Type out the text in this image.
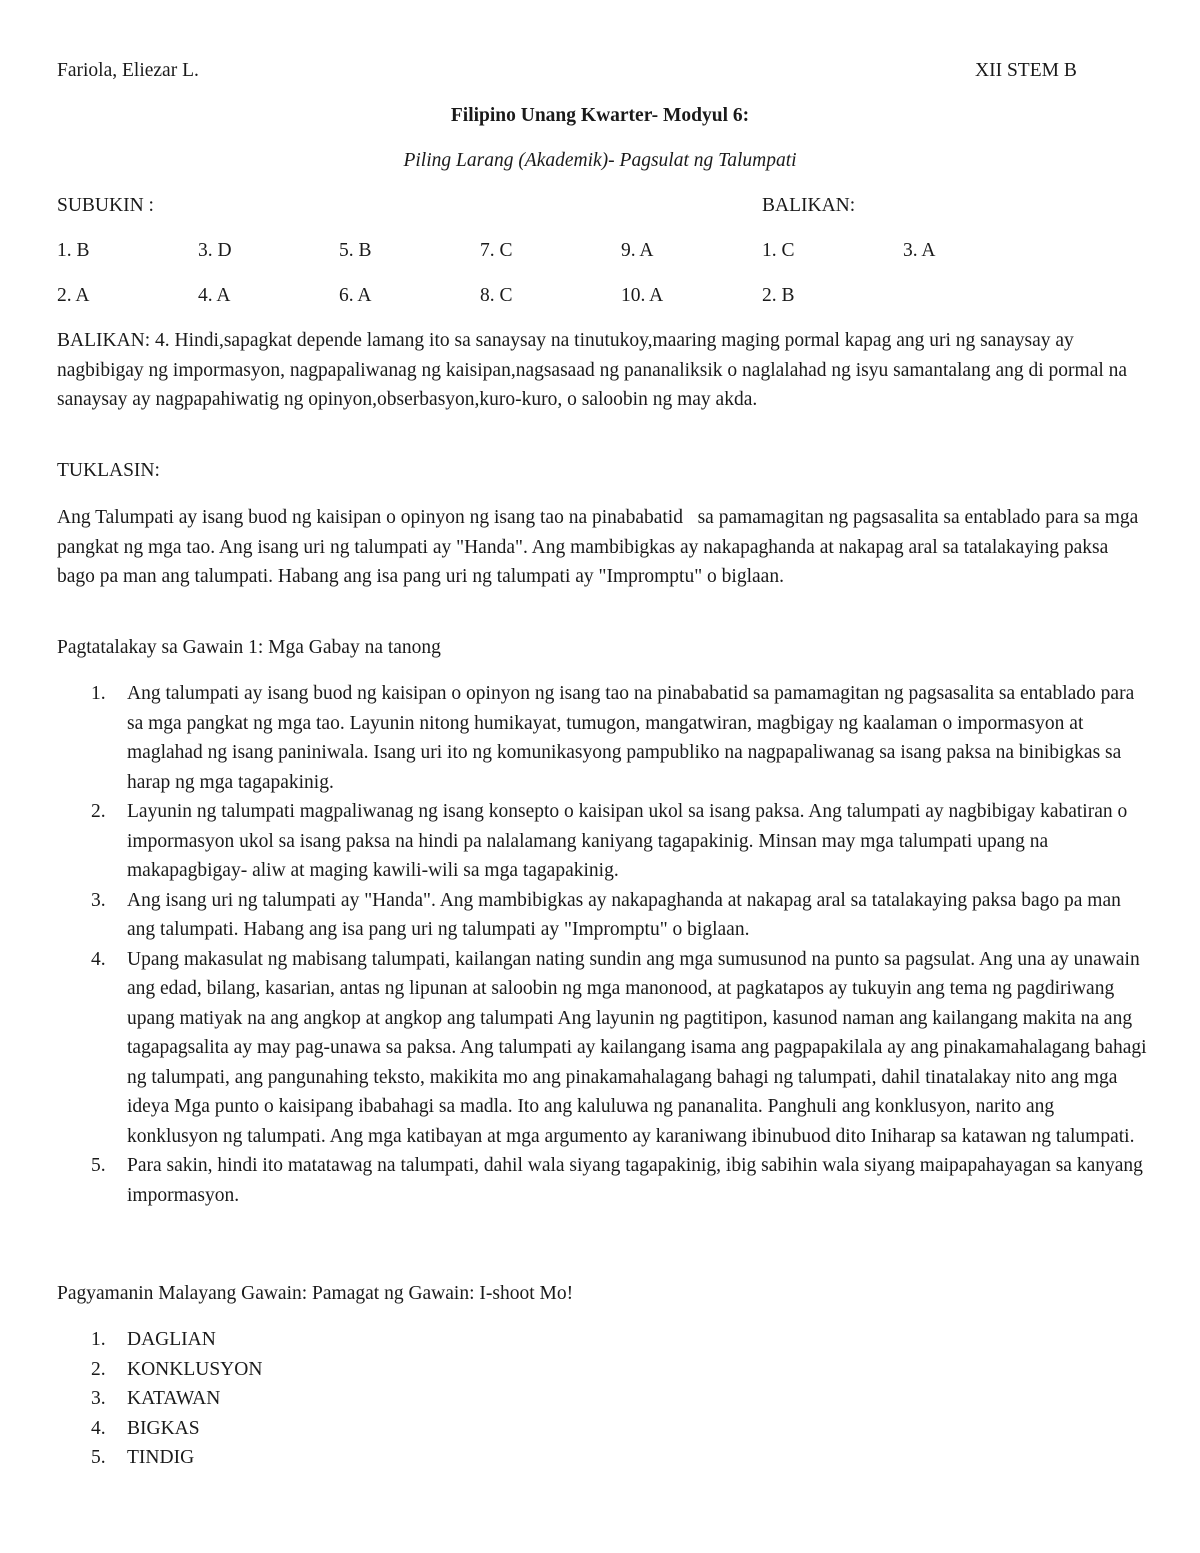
Fariola, Eliezar L.	XII STEM B
Filipino Unang Kwarter- Modyul 6:
Piling Larang (Akademik)- Pagsulat ng Talumpati
SUBUKIN :	BALIKAN:
1. B	3. D	5. B	7. C	9. A	1. C	3. A
2. A	4. A	6. A	8. C	10. A	2. B
BALIKAN: 4. Hindi,sapagkat depende lamang ito sa sanaysay na tinutukoy,maaring maging pormal kapag ang uri ng sanaysay ay nagbibigay ng impormasyon, nagpapaliwanag ng kaisipan,nagsasaad ng pananaliksik o naglalahad ng isyu samantalang ang di pormal na sanaysay ay nagpapahiwatig ng opinyon,obserbasyon,kuro-kuro, o saloobin ng may akda.
TUKLASIN:
Ang Talumpati ay isang buod ng kaisipan o opinyon ng isang tao na pinababatid   sa pamamagitan ng pagsasalita sa entablado para sa mga pangkat ng mga tao. Ang isang uri ng talumpati ay "Handa". Ang mambibigkas ay nakapaghanda at nakapag aral sa tatalakaying paksa bago pa man ang talumpati. Habang ang isa pang uri ng talumpati ay "Impromptu" o biglaan.
Pagtatalakay sa Gawain 1: Mga Gabay na tanong
1. Ang talumpati ay isang buod ng kaisipan o opinyon ng isang tao na pinababatid sa pamamagitan ng pagsasalita sa entablado para sa mga pangkat ng mga tao. Layunin nitong humikayat, tumugon, mangatwiran, magbigay ng kaalaman o impormasyon at maglahad ng isang paniniwala. Isang uri ito ng komunikasyong pampubliko na nagpapaliwanag sa isang paksa na binibigkas sa harap ng mga tagapakinig.
2. Layunin ng talumpati magpaliwanag ng isang konsepto o kaisipan ukol sa isang paksa. Ang talumpati ay nagbibigay kabatiran o impormasyon ukol sa isang paksa na hindi pa nalalamang kaniyang tagapakinig. Minsan may mga talumpati upang na makapagbigay- aliw at maging kawili-wili sa mga tagapakinig.
3. Ang isang uri ng talumpati ay "Handa". Ang mambibigkas ay nakapaghanda at nakapag aral sa tatalakaying paksa bago pa man ang talumpati. Habang ang isa pang uri ng talumpati ay "Impromptu" o biglaan.
4. Upang makasulat ng mabisang talumpati, kailangan nating sundin ang mga sumusunod na punto sa pagsulat. Ang una ay unawain ang edad, bilang, kasarian, antas ng lipunan at saloobin ng mga manonood, at pagkatapos ay tukuyin ang tema ng pagdiriwang upang matiyak na ang angkop at angkop ang talumpati Ang layunin ng pagtitipon, kasunod naman ang kailangang makita na ang tagapagsalita ay may pag-unawa sa paksa. Ang talumpati ay kailangang isama ang pagpapakilala ay ang pinakamahalagang bahagi ng talumpati, ang pangunahing teksto, makikita mo ang pinakamahalagang bahagi ng talumpati, dahil tinatalakay nito ang mga ideya Mga punto o kaisipang ibabahagi sa madla. Ito ang kaluluwa ng pananalita. Panghuli ang konklusyon, narito ang konklusyon ng talumpati. Ang mga katibayan at mga argumento ay karaniwang ibinubuod dito Iniharap sa katawan ng talumpati.
5. Para sakin, hindi ito matatawag na talumpati, dahil wala siyang tagapakinig, ibig sabihin wala siyang maipapahayagan sa kanyang impormasyon.
Pagyamanin Malayang Gawain: Pamagat ng Gawain: I-shoot Mo!
1. DAGLIAN
2. KONKLUSYON
3. KATAWAN
4. BIGKAS
5. TINDIG
